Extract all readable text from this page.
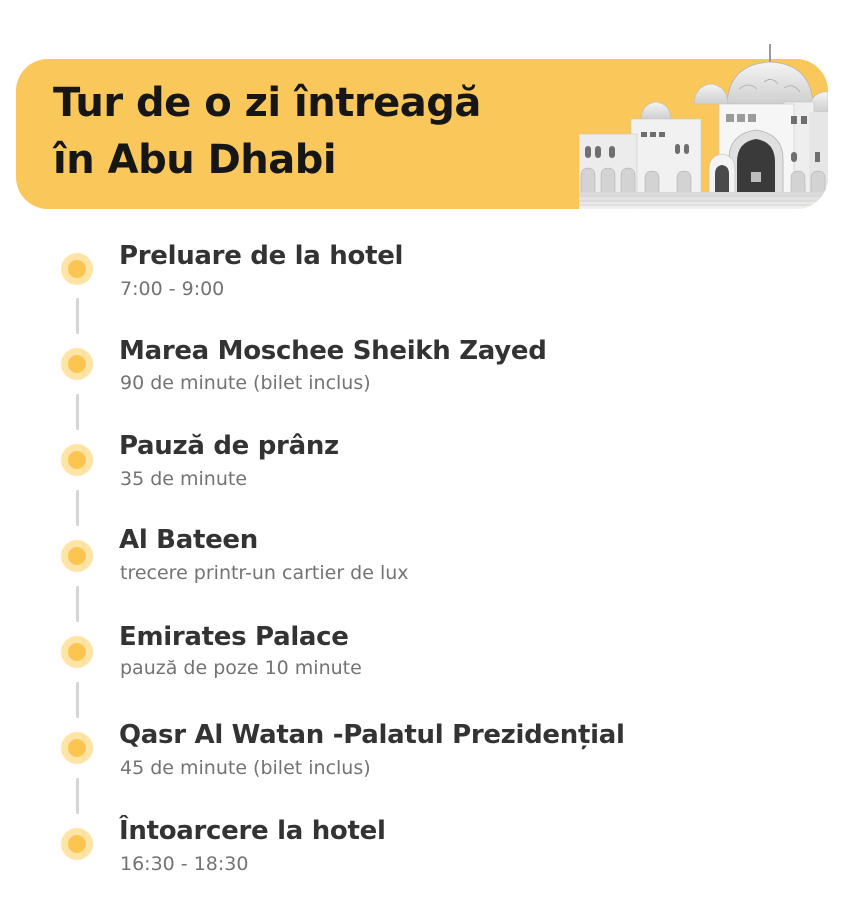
Tur de o zi întreagă
în Abu Dhabi
Preluare de la hotel
7:00 - 9:00
Marea Moschee Sheikh Zayed
90 de minute (bilet inclus)
Pauză de prânz
35 de minute
Al Bateen
trecere printr-un cartier de lux
Emirates Palace
pauză de poze 10 minute
Qasr Al Watan -Palatul Prezidențial
45 de minute (bilet inclus)
Întoarcere la hotel
16:30 - 18:30
